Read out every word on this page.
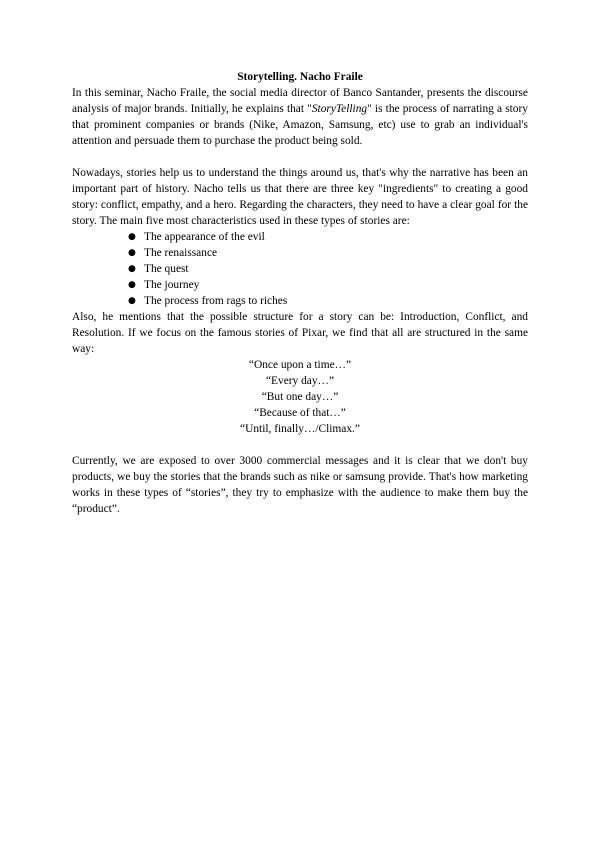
Storytelling. Nacho Fraile

In this seminar, Nacho Fraile, the social media director of Banco Santander, presents the discourse analysis of major brands. Initially, he explains that "StoryTelling" is the process of narrating a story that prominent companies or brands (Nike, Amazon, Samsung, etc) use to grab an individual's attention and persuade them to purchase the product being sold.

Nowadays, stories help us to understand the things around us, that's why the narrative has been an important part of history. Nacho tells us that there are three key "ingredients" to creating a good story: conflict, empathy, and a hero. Regarding the characters, they need to have a clear goal for the story. The main five most characteristics used in these types of stories are:

● The appearance of the evil
● The renaissance
● The quest
● The journey
● The process from rags to riches

Also, he mentions that the possible structure for a story can be: Introduction, Conflict, and Resolution. If we focus on the famous stories of Pixar, we find that all are structured in the same way:

“Once upon a time…”
“Every day…”
“But one day…”
“Because of that…”
“Until, finally…/Climax.”

Currently, we are exposed to over 3000 commercial messages and it is clear that we don't buy products, we buy the stories that the brands such as nike or samsung provide. That's how marketing works in these types of “stories”, they try to emphasize with the audience to make them buy the “product”.
